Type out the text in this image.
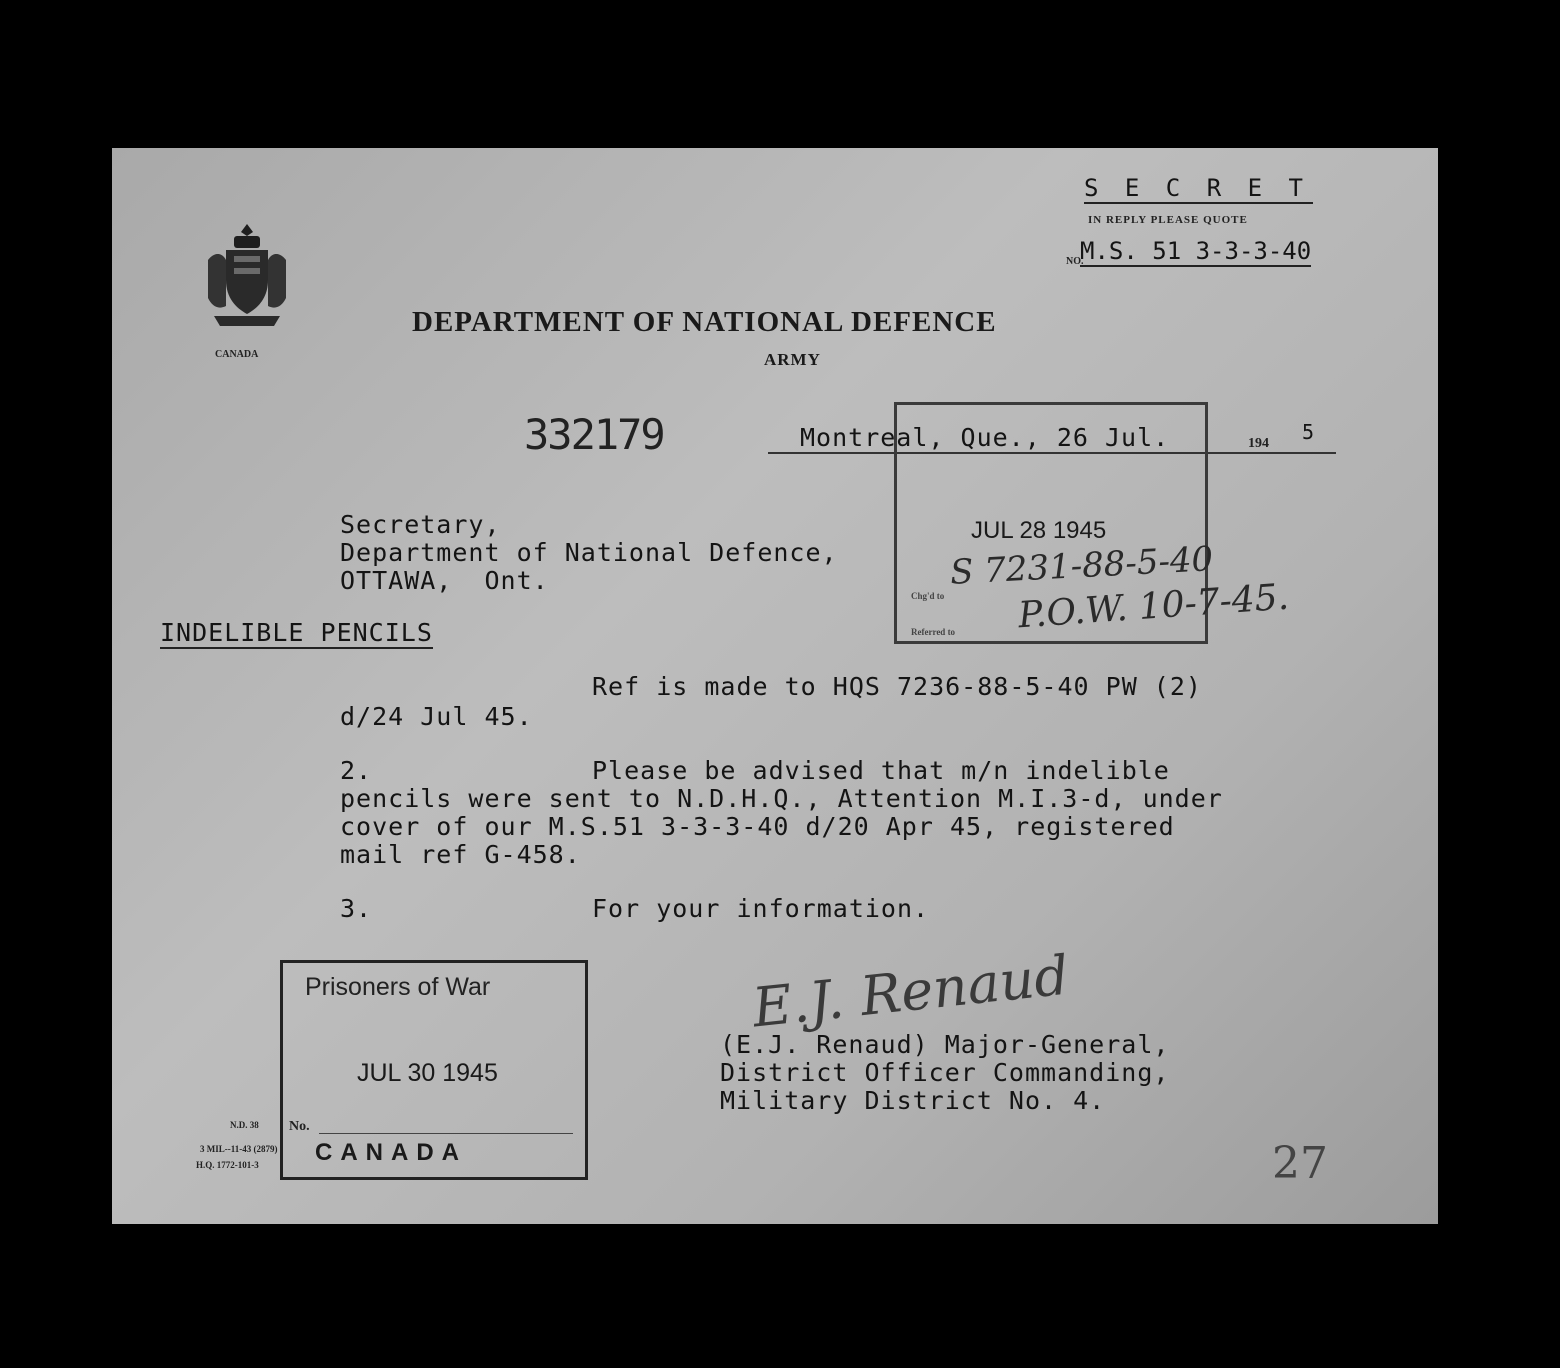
S E C R E T
IN REPLY PLEASE QUOTE
NO.
M.S. 51 3-3-3-40
CANADA
DEPARTMENT OF NATIONAL DEFENCE
ARMY
332179	Montreal, Que., 26 Jul.	194 5
JUL 28 1945
Chg'd to
Referred to
S 7231-88-5-40
P.O.W. 10-7-45.
Secretary,
Department of National Defence,
OTTAWA,  Ont.
INDELIBLE PENCILS
Ref is made to HQS 7236-88-5-40 PW (2)
d/24 Jul 45.
2.	Please be advised that m/n indelible
pencils were sent to N.D.H.Q., Attention M.I.3-d, under
cover of our M.S.51 3-3-3-40 d/20 Apr 45, registered
mail ref G-458.
3.	For your information.
E.J. Renaud
(E.J. Renaud) Major-General,
District Officer Commanding,
Military District No. 4.
Prisoners of War
JUL 30 1945
No.
CANADA
N.D. 38
3 MIL--11-43 (2879)
H.Q. 1772-101-3	27
